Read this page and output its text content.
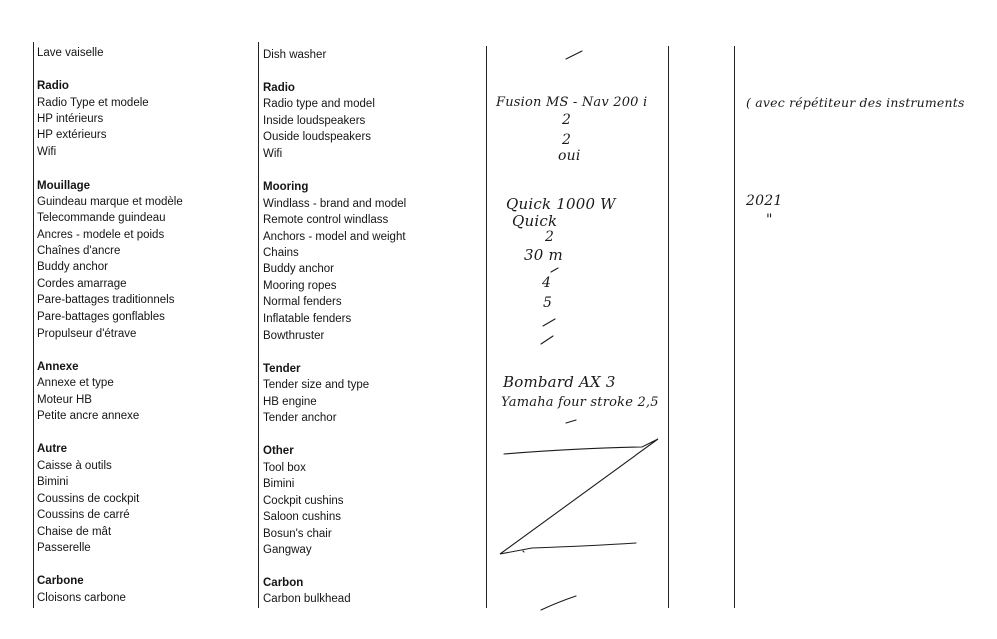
Lave vaiselle
Radio
Radio Type et modele
HP intérieurs
HP extérieurs
Wifi
Mouillage
Guindeau marque et modèle
Telecommande guindeau
Ancres - modele et poids
Chaînes d'ancre
Buddy anchor
Cordes amarrage
Pare-battages traditionnels
Pare-battages gonflables
Propulseur d'étrave
Annexe
Annexe et type
Moteur HB
Petite ancre annexe
Autre
Caisse à outils
Bimini
Coussins de cockpit
Coussins de carré
Chaise de mât
Passerelle
Carbone
Cloisons carbone
Dish washer
Radio
Radio type and model
Inside loudspeakers
Ouside loudspeakers
Wifi
Mooring
Windlass - brand and model
Remote control windlass
Anchors - model and weight
Chains
Buddy anchor
Mooring ropes
Normal fenders
Inflatable fenders
Bowthruster
Tender
Tender size and type
HB engine
Tender anchor
Other
Tool box
Bimini
Cockpit cushins
Saloon cushins
Bosun's chair
Gangway
Carbon
Carbon bulkhead
Fusion MS - Nav 200 i
2
2
oui
Quick 1000 W
Quick
2
30 m
4
5
Bombard AX 3
Yamaha four stroke 2,5
( avec répétiteur des instruments
2021
"
